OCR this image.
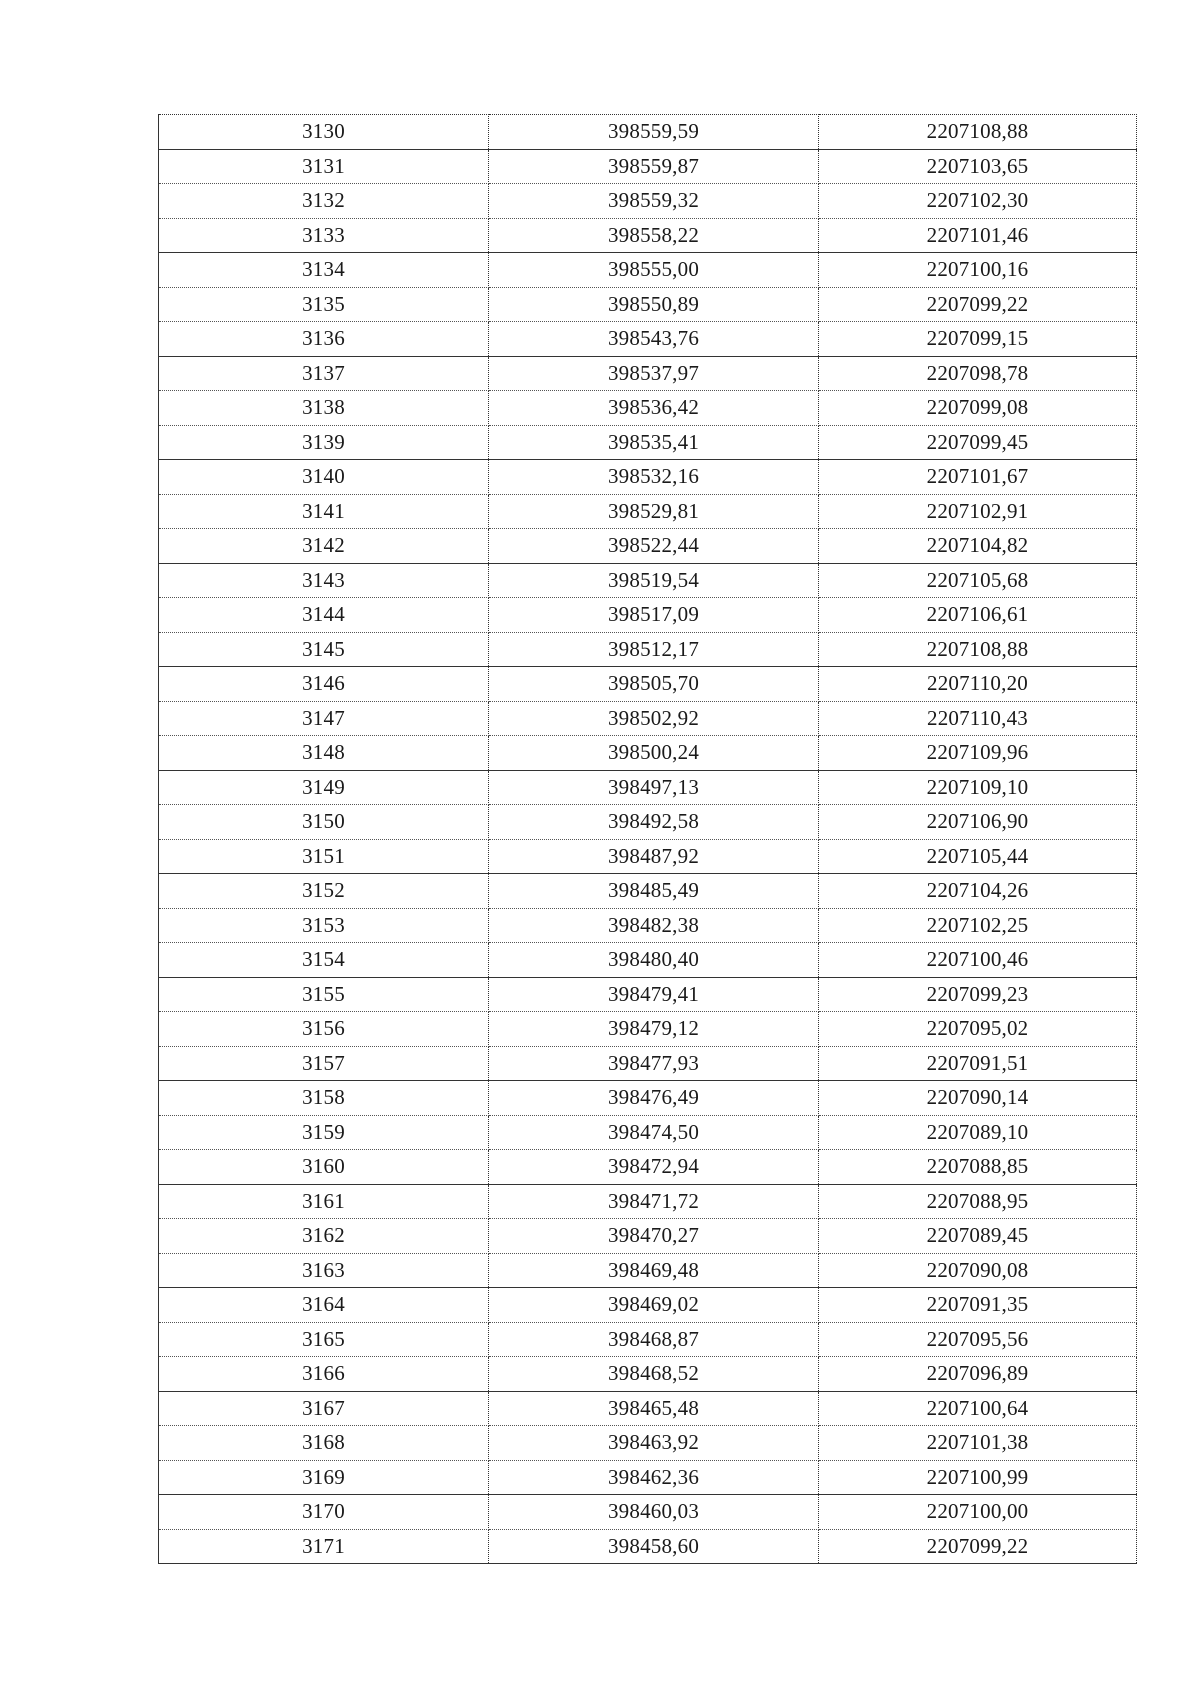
3130	398559,59	2207108,88
3131	398559,87	2207103,65
3132	398559,32	2207102,30
3133	398558,22	2207101,46
3134	398555,00	2207100,16
3135	398550,89	2207099,22
3136	398543,76	2207099,15
3137	398537,97	2207098,78
3138	398536,42	2207099,08
3139	398535,41	2207099,45
3140	398532,16	2207101,67
3141	398529,81	2207102,91
3142	398522,44	2207104,82
3143	398519,54	2207105,68
3144	398517,09	2207106,61
3145	398512,17	2207108,88
3146	398505,70	2207110,20
3147	398502,92	2207110,43
3148	398500,24	2207109,96
3149	398497,13	2207109,10
3150	398492,58	2207106,90
3151	398487,92	2207105,44
3152	398485,49	2207104,26
3153	398482,38	2207102,25
3154	398480,40	2207100,46
3155	398479,41	2207099,23
3156	398479,12	2207095,02
3157	398477,93	2207091,51
3158	398476,49	2207090,14
3159	398474,50	2207089,10
3160	398472,94	2207088,85
3161	398471,72	2207088,95
3162	398470,27	2207089,45
3163	398469,48	2207090,08
3164	398469,02	2207091,35
3165	398468,87	2207095,56
3166	398468,52	2207096,89
3167	398465,48	2207100,64
3168	398463,92	2207101,38
3169	398462,36	2207100,99
3170	398460,03	2207100,00
3171	398458,60	2207099,22
